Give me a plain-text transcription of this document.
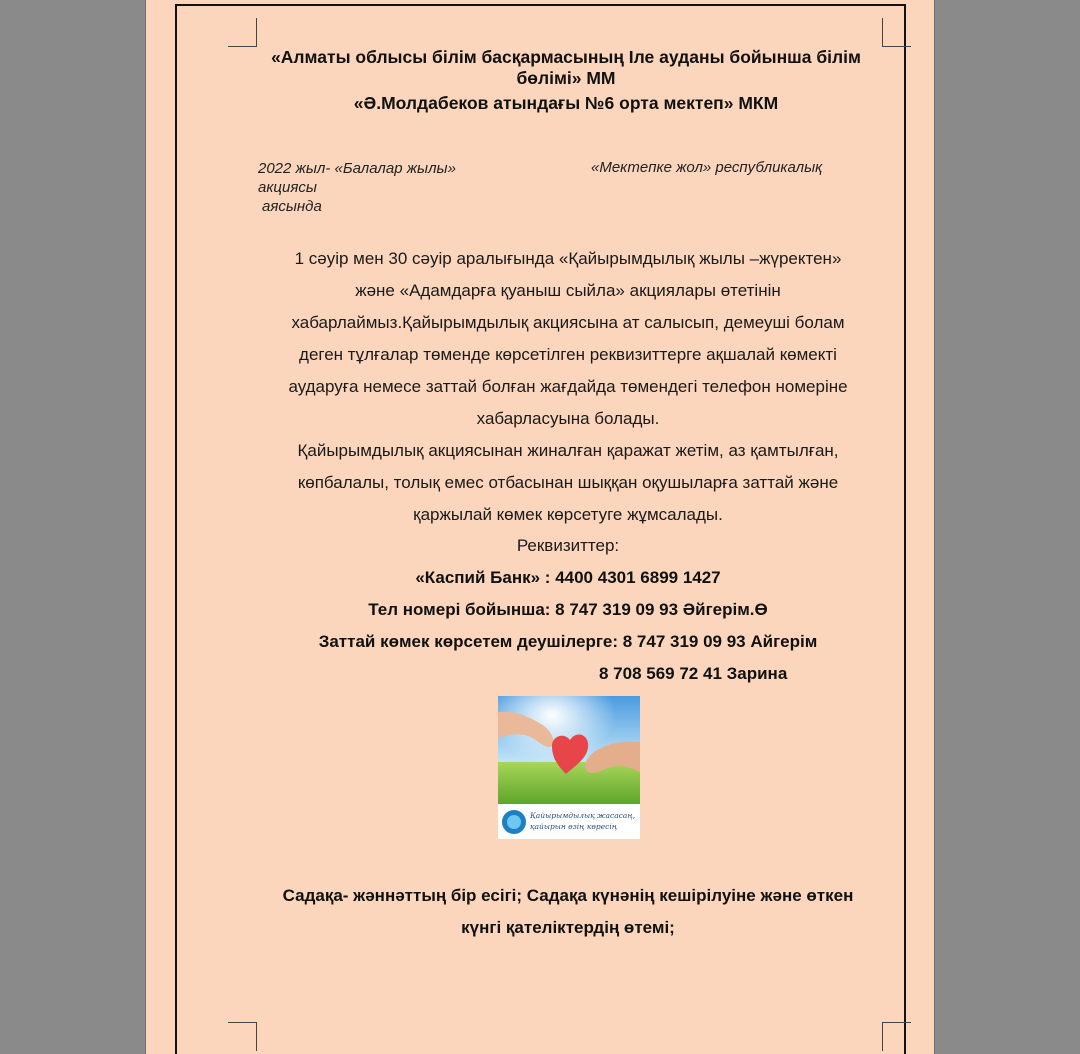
«Алматы облысы білім басқармасының Іле ауданы бойынша білім бөлімі» ММ
«Ә.Молдабеков атындағы №6 орта мектеп» МКМ
2022 жыл- «Балалар жылы»
акциясы
аясында
«Мектепке жол» республикалық

1 сәуір мен 30 сәуір аралығында «Қайырымдылық жылы –жүректен»

және «Адамдарға қуаныш сыйла» акциялары өтетінін

хабарлаймыз.Қайырымдылық акциясына ат салысып, демеуші болам

деген тұлғалар төменде көрсетілген реквизиттерге ақшалай көмекті

аударуға немесе заттай болған жағдайда төмендегі телефон номеріне

хабарласуына болады.

Қайырымдылық акциясынан жиналған қаражат жетім, аз қамтылған,

көпбалалы, толық емес отбасынан шыққан оқушыларға заттай және

қаржылай көмек көрсетуге жұмсалады.

Реквизиттер:
«Каспий Банк» : 4400 4301 6899 1427
Тел номері бойынша: 8 747 319 09 93 Әйгерім.Ө
Заттай көмек көрсетем деушілерге: 8 747 319 09 93 Айгерім
8 708 569 72 41 Зарина
Қайырымдылық жасасаң,
қайырын өзің көресің

Садақа- жәннәттың бір есігі; Садақа күнәнің кешірілуіне және өткен

күнгі қателіктердің өтемі;
